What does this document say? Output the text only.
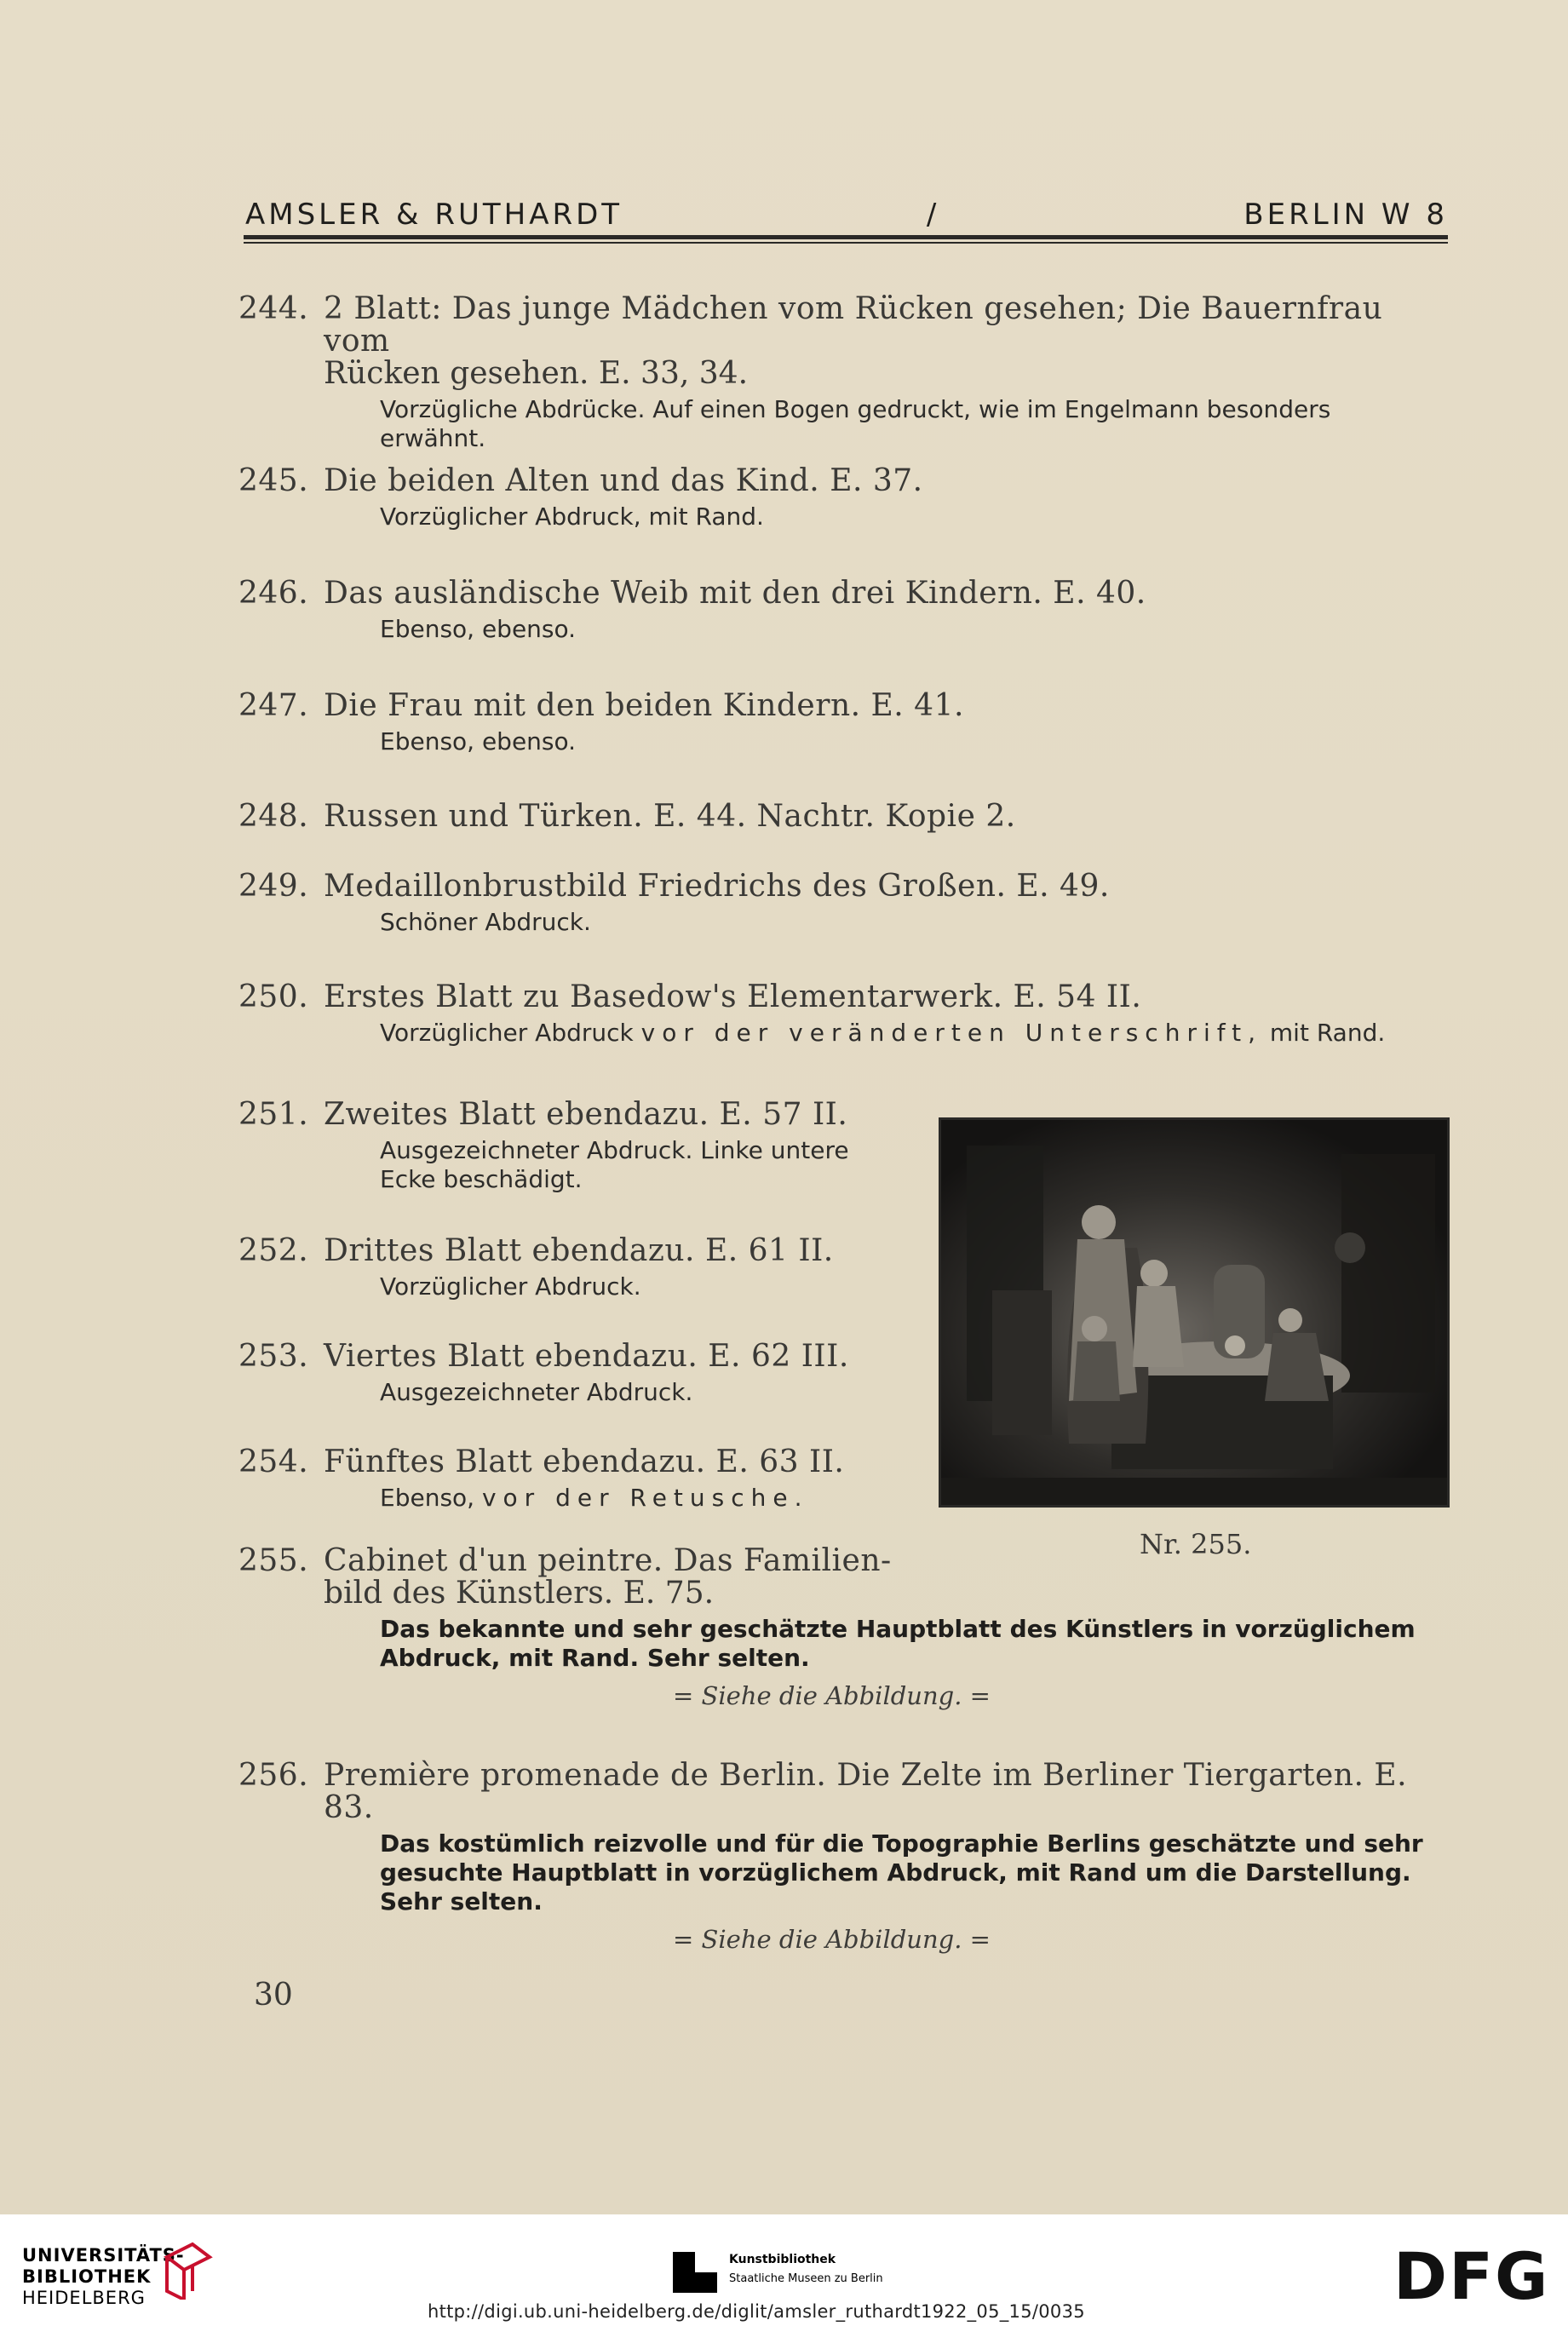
AMSLER & RUTHARDT	/	BERLIN W 8
244. 2 Blatt: Das junge Mädchen vom Rücken gesehen; Die Bauernfrau vom
Rücken gesehen. E. 33, 34.
Vorzügliche Abdrücke. Auf einen Bogen gedruckt, wie im Engelmann besonders erwähnt.
245. Die beiden Alten und das Kind. E. 37.
Vorzüglicher Abdruck, mit Rand.
246. Das ausländische Weib mit den drei Kindern. E. 40.
Ebenso, ebenso.
247. Die Frau mit den beiden Kindern. E. 41.
Ebenso, ebenso.
248. Russen und Türken. E. 44. Nachtr. Kopie 2.
249. Medaillonbrustbild Friedrichs des Großen. E. 49.
Schöner Abdruck.
250. Erstes Blatt zu Basedow's Elementarwerk. E. 54 II.
Vorzüglicher Abdruck vor der veränderten Unterschrift, mit Rand.
251. Zweites Blatt ebendazu. E. 57 II.
Ausgezeichneter Abdruck. Linke untere Ecke beschädigt.
252. Drittes Blatt ebendazu. E. 61 II.
Vorzüglicher Abdruck.
253. Viertes Blatt ebendazu. E. 62 III.
Ausgezeichneter Abdruck.
254. Fünftes Blatt ebendazu. E. 63 II.
Ebenso, vor der Retusche.
Nr. 255.
255. Cabinet d'un peintre. Das Familien-
bild des Künstlers. E. 75.
Das bekannte und sehr geschätzte Hauptblatt des Künstlers in vorzüglichem Abdruck, mit Rand. Sehr selten.
= Siehe die Abbildung. =
256. Première promenade de Berlin. Die Zelte im Berliner Tiergarten. E. 83.
Das kostümlich reizvolle und für die Topographie Berlins geschätzte und sehr gesuchte Hauptblatt in vorzüglichem Abdruck, mit Rand um die Darstellung. Sehr selten.
= Siehe die Abbildung. =
30
UNIVERSITÄTS-
BIBLIOTHEK
HEIDELBERG
Kunstbibliothek
Staatliche Museen zu Berlin	DFG
http://digi.ub.uni-heidelberg.de/diglit/amsler_ruthardt1922_05_15/0035
